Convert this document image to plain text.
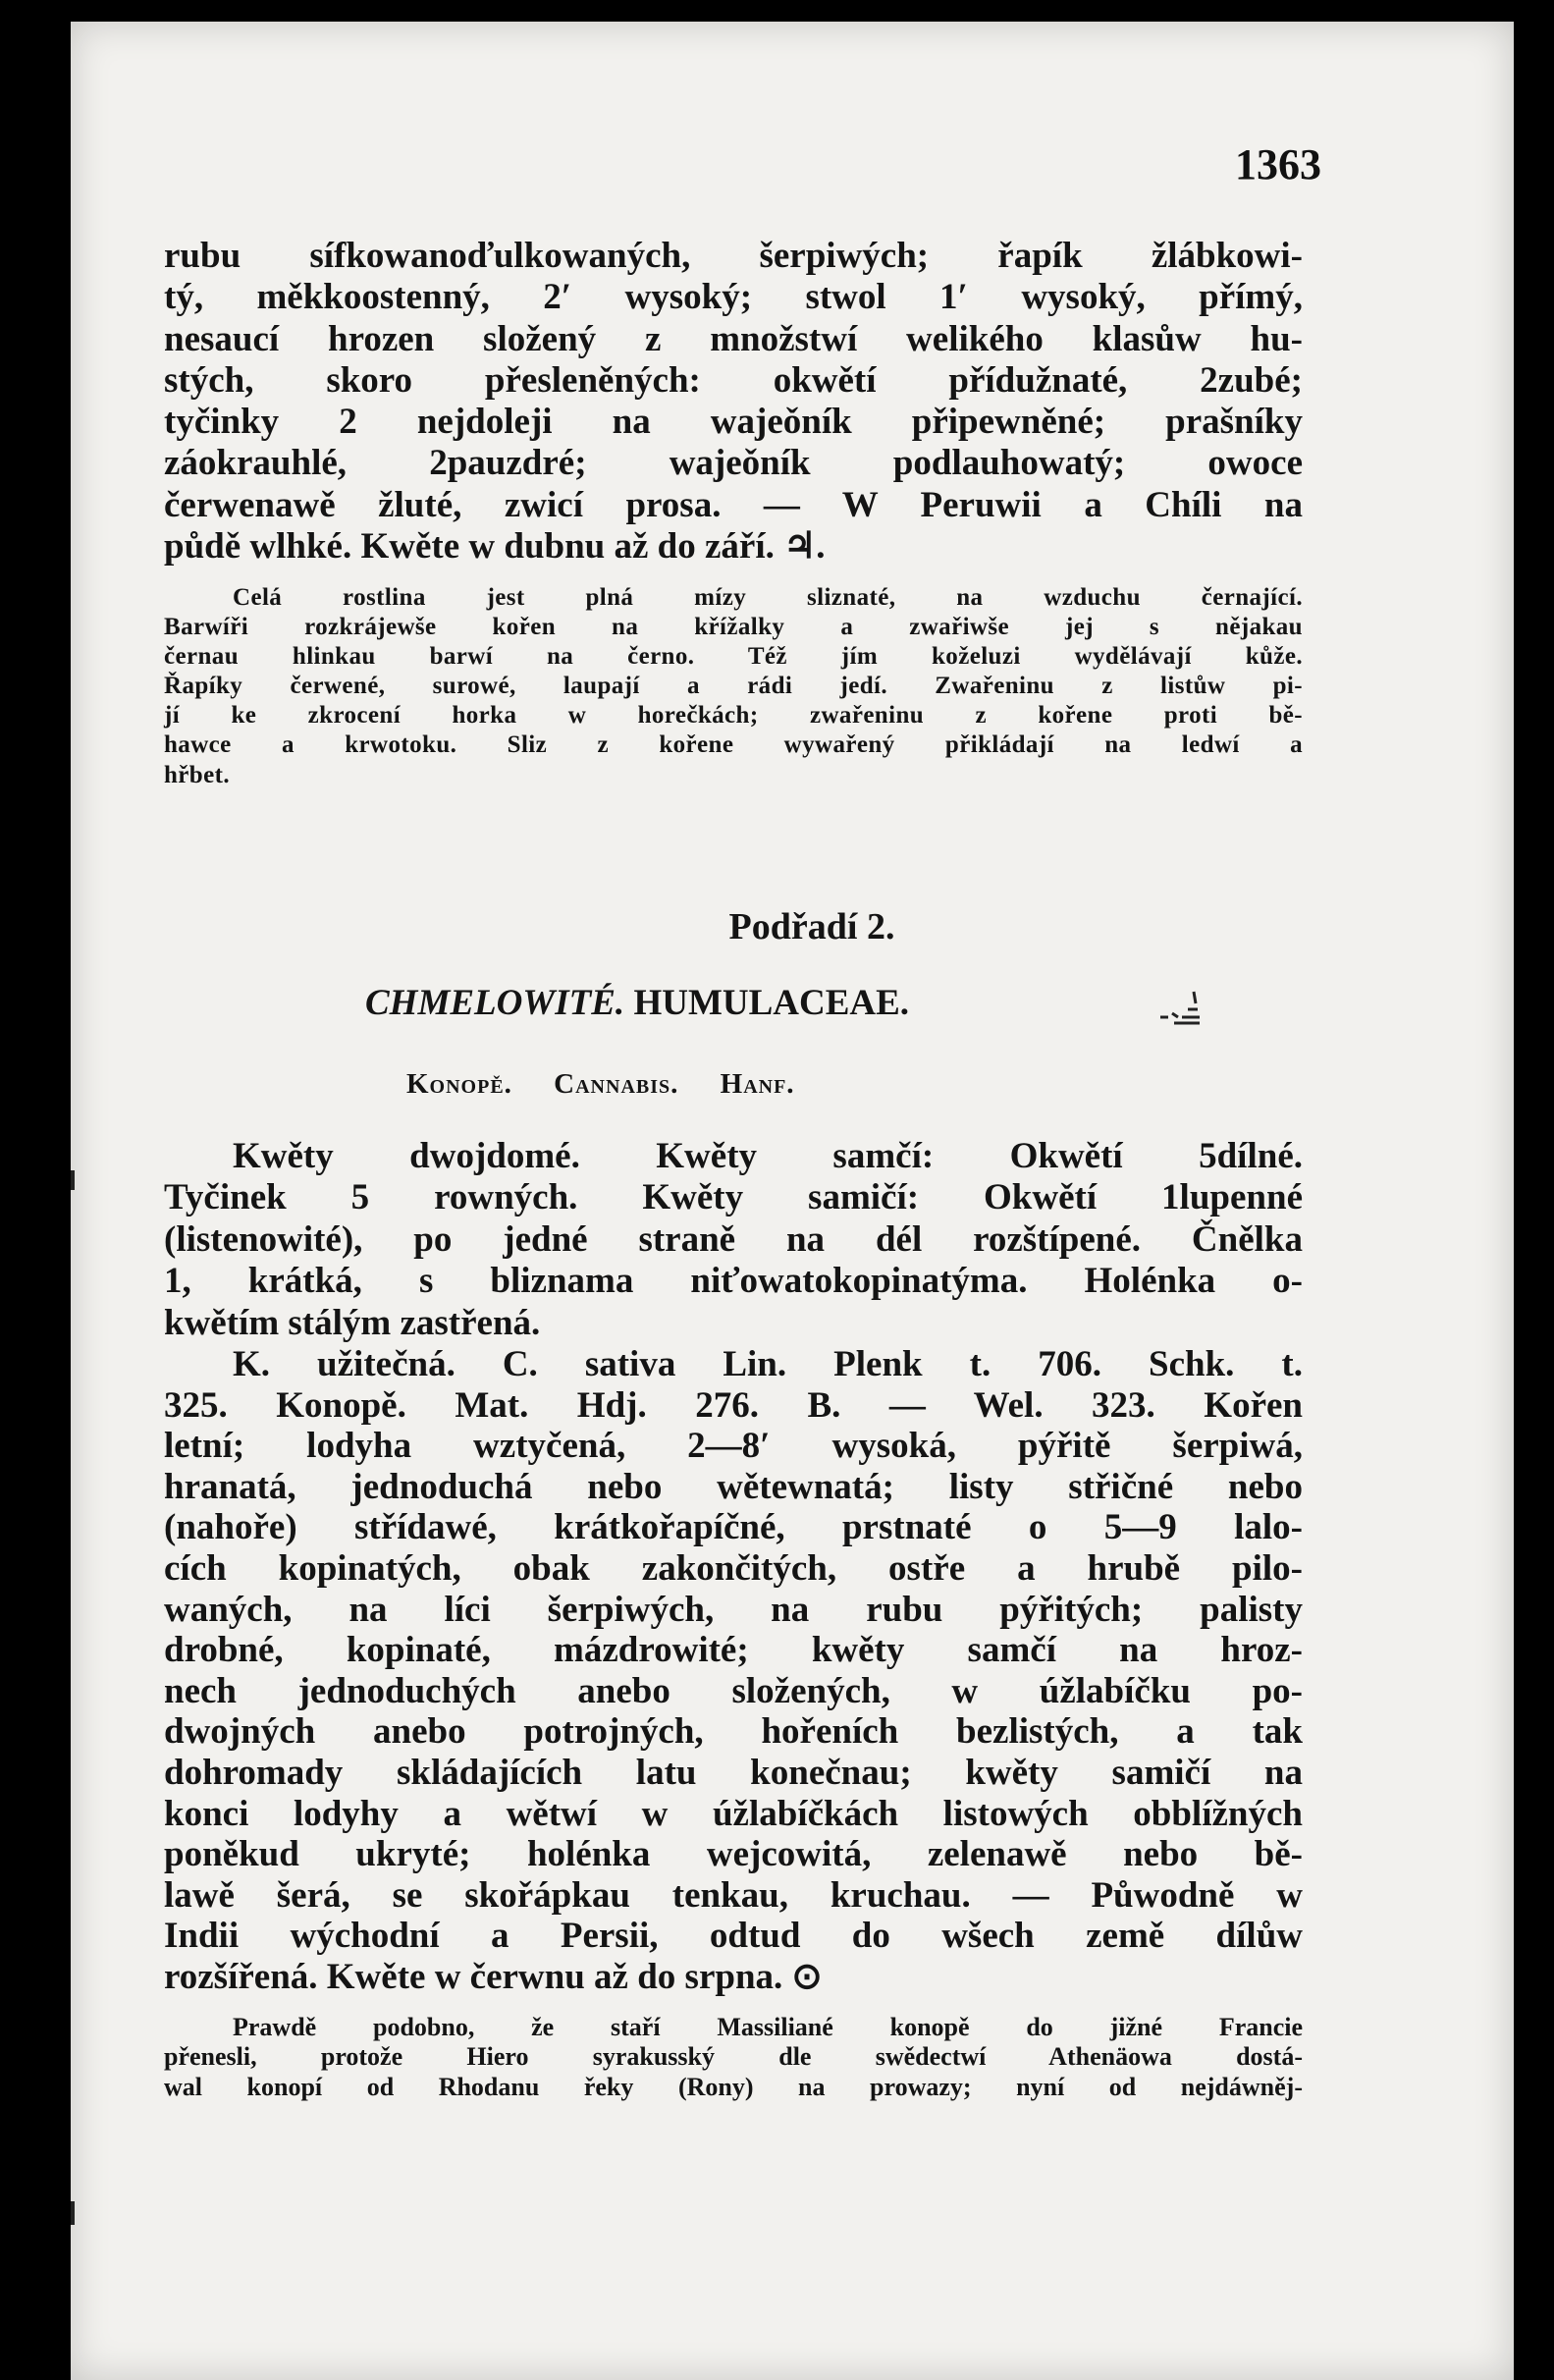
1363
rubu sífkowanoďulkowaných, šerpiwých; řapík žlábkowi-
tý, měkkoostenný, 2′ wysoký; stwol 1′ wysoký, přímý,
nesaucí hrozen složený z množstwí welikého klasůw hu-
stých, skoro přesleněných: okwětí přídužnaté, 2zubé;
tyčinky 2 nejdoleji na wajeǒník připewněné; prašníky
záokrauhlé, 2pauzdré; wajeǒník podlauhowatý; owoce
čerwenawě žluté, zwicí prosa. — W Peruwii a Chíli na
půdě wlhké. Kwěte w dubnu až do září. ♃.
Celá rostlina jest plná mízy sliznaté, na wzduchu černající.
Barwíři rozkrájewše kořen na křížalky a zwařiwše jej s nějakau
černau hlinkau barwí na černo. Též jím koželuzi wydělávají kůže.
Řapíky čerwené, surowé, laupají a rádi jedí. Zwařeninu z listůw pi-
jí ke zkrocení horka w horečkách; zwařeninu z kořene proti bě-
hawce a krwotoku. Sliz z kořene wywařený přikládají na ledwí a
hřbet.
Podřadí 2.
CHMELOWITÉ. HUMULACEAE.
Konopě. Cannabis. Hanf.
Kwěty dwojdomé. Kwěty samčí: Okwětí 5dílné.
Tyčinek 5 rowných. Kwěty samičí: Okwětí 1lupenné
(listenowité), po jedné straně na dél rozštípené. Čnělka
1, krátká, s bliznama niťowatokopinatýma. Holénka o-
kwětím stálým zastřená.
K. užitečná. C. sativa Lin. Plenk t. 706. Schk. t.
325. Konopě. Mat. Hdj. 276. B. — Wel. 323. Kořen
letní; lodyha wztyčená, 2—8′ wysoká, pýřitě šerpiwá,
hranatá, jednoduchá nebo wětewnatá; listy střičné nebo
(nahoře) střídawé, krátkořapíčné, prstnaté o 5—9 lalo-
cích kopinatých, obak zakončitých, ostře a hrubě pilo-
waných, na líci šerpiwých, na rubu pýřitých; palisty
drobné, kopinaté, mázdrowité; kwěty samčí na hroz-
nech jednoduchých anebo složených, w úžlabíčku po-
dwojných anebo potrojných, hořeních bezlistých, a tak
dohromady skládajících latu konečnau; kwěty samičí na
konci lodyhy a wětwí w úžlabíčkách listowých obblížných
poněkud ukryté; holénka wejcowitá, zelenawě nebo bě-
lawě šerá, se skořápkau tenkau, kruchau. — Půwodně w
Indii wýchodní a Persii, odtud do wšech země dílůw
rozšířená. Kwěte w čerwnu až do srpna. ⊙
Prawdě podobno, že staří Massiliané konopě do jižné Francie
přenesli, protože Hiero syrakusský dle swědectwí Athenäowa dostá-
wal konopí od Rhodanu řeky (Rony) na prowazy; nyní od nejdáwněj-
